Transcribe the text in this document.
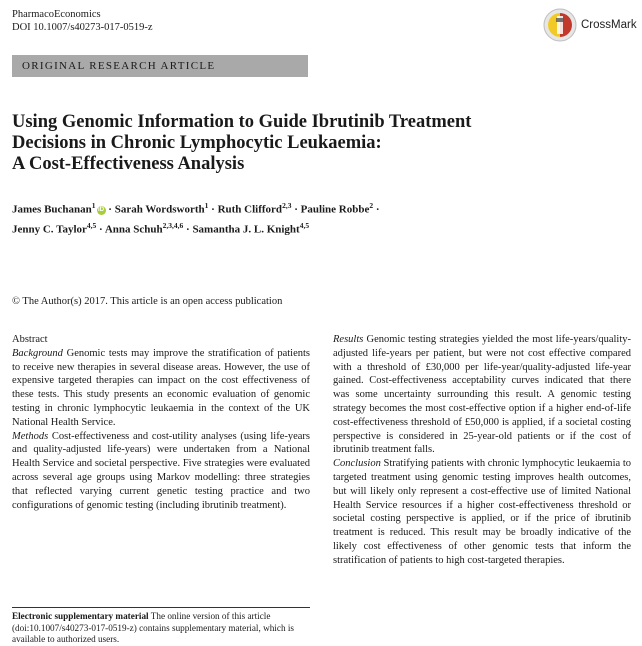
PharmacoEconomics
DOI 10.1007/s40273-017-0519-z	CrossMark
ORIGINAL RESEARCH ARTICLE
Using Genomic Information to Guide Ibrutinib Treatment
Decisions in Chronic Lymphocytic Leukaemia:
A Cost-Effectiveness Analysis
James Buchanan$^1$ iD · Sarah Wordsworth$^1$ · Ruth Clifford$^{2,3}$ · Pauline Robbe$^2$ ·
Jenny C. Taylor$^{4,5}$ · Anna Schuh$^{2,3,4,6}$ · Samantha J. L. Knight$^{4,5}$
© The Author(s) 2017. This article is an open access publication
Abstract
Background Genomic tests may improve the stratification of patients to receive new therapies in several disease areas. However, the use of expensive targeted therapies can impact on the cost effectiveness of these tests. This study presents an economic evaluation of genomic testing in chronic lymphocytic leukaemia in the context of the UK National Health Service.
Methods Cost-effectiveness and cost-utility analyses (using life-years and quality-adjusted life-years) were undertaken from a National Health Service and societal perspective. Five strategies were evaluated across several age groups using Markov modelling: three strategies that reflected varying current genetic testing practice and two configurations of genomic testing (including ibrutinib treatment).
Results Genomic testing strategies yielded the most life-years/quality-adjusted life-years per patient, but were not cost effective compared with a threshold of £30,000 per life-year/quality-adjusted life-year gained. Cost-effectiveness acceptability curves indicated that there was some uncertainty surrounding this result. A genomic testing strategy becomes the most cost-effective option if a higher end-of-life cost-effectiveness threshold of £50,000 is applied, if a societal costing perspective is considered in 25-year-old patients or if the cost of ibrutinib treatment falls.
Conclusion Stratifying patients with chronic lymphocytic leukaemia to targeted treatment using genomic testing improves health outcomes, but will likely only represent a cost-effective use of limited National Health Service resources if a higher cost-effectiveness threshold or societal costing perspective is applied, or if the price of ibrutinib treatment is reduced. This result may be broadly indicative of the likely cost effectiveness of other genomic tests that inform the stratification of patients to high cost-targeted therapies.
Electronic supplementary material The online version of this article (doi:10.1007/s40273-017-0519-z) contains supplementary material, which is available to authorized users.
